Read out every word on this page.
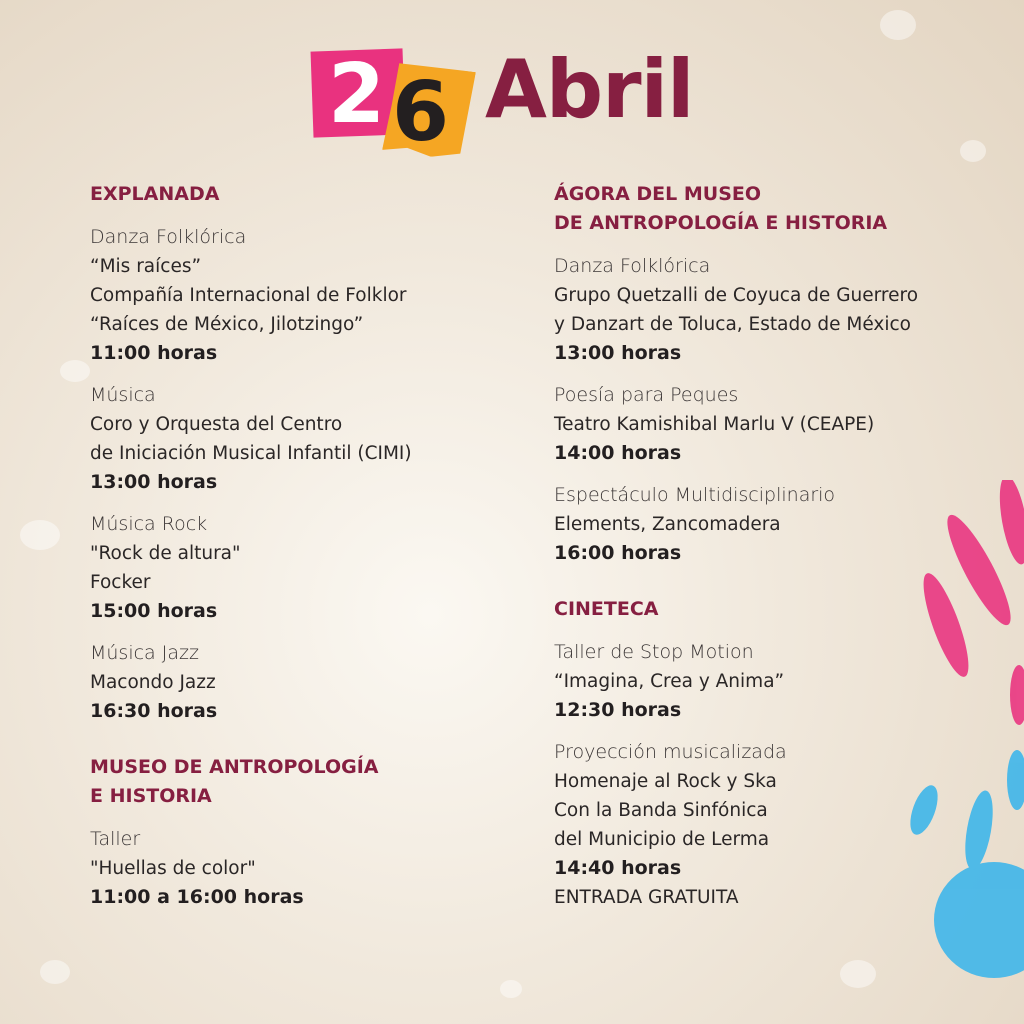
2 6 Abril
EXPLANADA
Danza Folklórica
“Mis raíces”
Compañía Internacional de Folklor
“Raíces de México, Jilotzingo”
11:00 horas
Música
Coro y Orquesta del Centro
de Iniciación Musical Infantil (CIMI)
13:00 horas
Música Rock
"Rock de altura"
Focker
15:00 horas
Música Jazz
Macondo Jazz
16:30 horas
MUSEO DE ANTROPOLOGÍA
E HISTORIA
Taller
"Huellas de color"
11:00 a 16:00 horas
ÁGORA DEL MUSEO
DE ANTROPOLOGÍA E HISTORIA
Danza Folklórica
Grupo Quetzalli de Coyuca de Guerrero
y Danzart de Toluca, Estado de México
13:00 horas
Poesía para Peques
Teatro Kamishibal Marlu V (CEAPE)
14:00 horas
Espectáculo Multidisciplinario
Elements, Zancomadera
16:00 horas
CINETECA
Taller de Stop Motion
“Imagina, Crea y Anima”
12:30 horas
Proyección musicalizada
Homenaje al Rock y Ska
Con la Banda Sinfónica
del Municipio de Lerma
14:40 horas
ENTRADA GRATUITA
